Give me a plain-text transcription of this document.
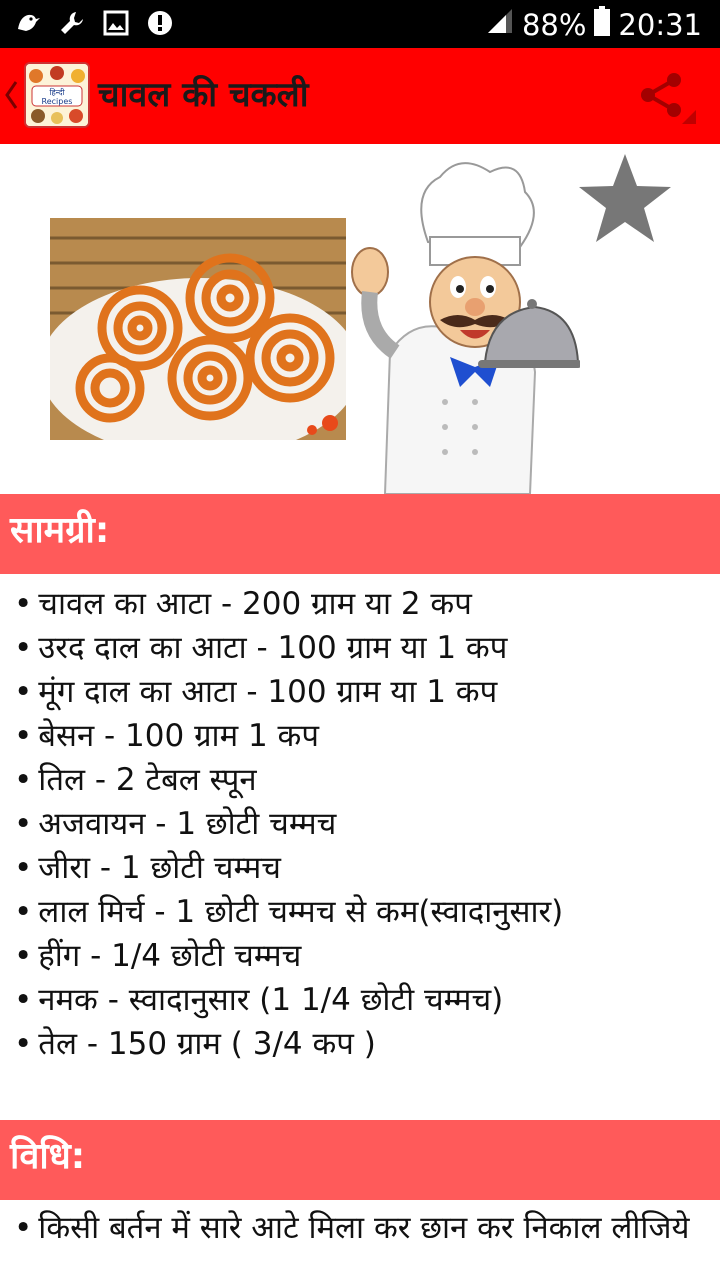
88% 20:31
हिन्दी
Recipes चावल की चकली
सामग्री:
• चावल का आटा - 200 ग्राम या 2 कप
• उरद दाल का आटा - 100 ग्राम या 1 कप
• मूंग दाल का आटा - 100 ग्राम या 1 कप
• बेसन - 100 ग्राम 1 कप
• तिल - 2 टेबल स्पून
• अजवायन - 1 छोटी चम्मच
• जीरा - 1 छोटी चम्मच
• लाल मिर्च - 1 छोटी चम्मच से कम(स्वादानुसार)
• हींग - 1/4 छोटी चम्मच
• नमक - स्वादानुसार (1 1/4 छोटी चम्मच)
• तेल - 150 ग्राम ( 3/4 कप )
विधि:
• किसी बर्तन में सारे आटे मिला कर छान कर निकाल लीजिये
